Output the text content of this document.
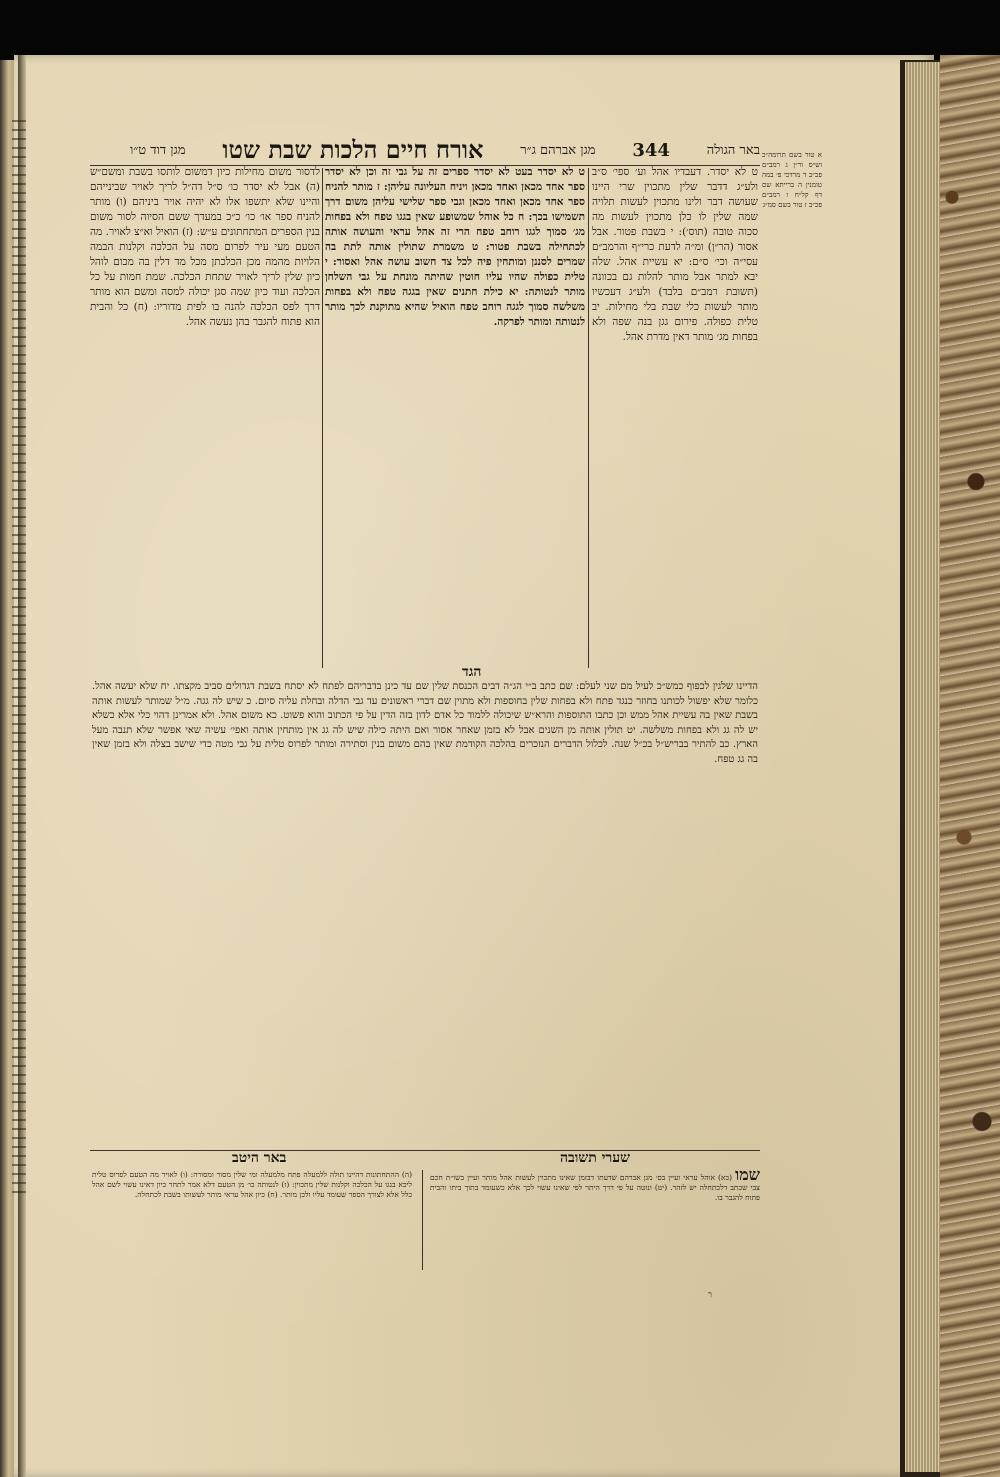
באר הגולה
344
מגן אברהם ג״ר
אורח חיים הלכות שבת שטו
מגן דוד ט״ו	א טור בשם תרומה״כ וש״ס ור״ן ג רמב״ם פכ״ב ד מרדכי פ׳ במה טומנין ה ברייתא שם דף קל״ח ו רמב״ם פכ״ב ז טור בשם סמ״ג

ט לא יסדר. דעבדיו אהל וע׳ ספי׳ ס״ב ולע״ג דדבר שלין מתכוין שרי היינו שעושה דבר ולינו מתכוין לעשות תלויה שמה שלין לו כלן מתכוין לעשות מה סכוה טובה (תוס׳): י בשבת פטור. אבל אסור (הר״ן) ומ״ה לדעת כרי״ף והרמב״ם עסי״ה וכי׳ ס״ם: יא עשיית אהל. שלה יבא למתר אבל מותר להלות גם בכוונה (תשובת רמב״ם בלבד) ולע״ג דעכשיו מותר לעשות כלי שבת בלי מחילות. יב טלית כפולה. פירום גגן בנה שפה ולא בפחות מג׳ מותר דאין מדרת אהל.

ט לא יסדר בעט לא יסדר ספרים זה על גבי זה וכן לא יסדר ספר אחד מכאן ואחד מכאן ויניח העליונה עליהן: ז מותר להניח ספר אחד מכאן ואחד מכאן וגבי ספר שלישי עליהן משום דרך תשמישו בכך: ח כל אוהל שמשופע שאין בגגו טפח ולא בפחות מג׳ סמוך לגגו רוחב טפח הרי זה אהל עראי והעושה אותה לכתחילה בשבת פטור: ט משמרת שתולין אותה לתת בה שמרים לסננן ומותחין פיה לכל צד חשוב עושה אהל ואסור: י טלית כפולה שהיו עליו חוטין שהיתה מונחת על גבי השלחן מותר לנטותה: יא כילת חתנים שאין בגגה טפח ולא בפחות משלשה סמוך לגגה רוחב טפח הואיל שהיא מתוקנת לכך מותר לנטותה ומותר לפרקה.

לדסור משום מחילות כיון דמשום לותסו בשבת ומשם״ש (ה) אבל לא יסדר כו׳ ס״ל דה״ל לריך לאויר שבינייהם והיינו שלא יתשפו אלו לא יהיה אויר ביניהם (ו) מותר להניח ספר או׳ כו׳ כ״כ במעדך ששם הסיוה לסור משום בנין הספרים המתחתונים ע״ש: (ז) הואיל וא״צ לאויר. מה הטעם מעי עיר לפרום מסה על הכלכה וקלנות הבמה הלויות מהמה מכן הכלכתן מכל מד דלין בה מכום לוהל כיון שלין לריך לאויר שתחת הכלכה. שמת חמות על כל הכלכה ועוד כיון שמה סגן יכולה למסה ומשם הוא מותר דרך לפס הכלכה להנה בו לפית מדוריו: (ח) כל והבית הוא פתוח להגבר בהן נעשה אהל.

הגד

הדיינו שלגין לכפוף כמש״כ לעיל מם שני לעלם: שם כתב ב״י הג״ה דבים הכנסת שלין שם עד כינן בדבריהם לפתח לא יסתח בשבת דגדולים סביב מקצתו. יח שלא יעשה אהל. כלומר שלא יפשול לכותנו בחוזר כנגד פתח ולא בפחות שלין בחוספות ולא מתוין שם דברי ראשונים עד גבי הדלה ובחלת עליה סיום. כ שיש לה גגה. מ״ל שמותר לעשות אותה בשבת שאין בה עשיית אהל ממש וכן כתבו התוספות והרא״ש שיכולה ללמוד כל אדם לדון בזה הדין על פי הכתוב והוא פשוט. כא משום אהל. ולא אמרינן דהוי כלי אלא כשלא יש לה גג ולא בפחות משלשה. יט תולין אותה מן השנים אבל לא בזמן שאחר אסור ואם היתה כילה שיש לה גג אין מותחין אותה ואפי׳ עשיה שאי אפשר שלא תנבה מעל הארץ. כב להתיר בבריש״ל בכ״ל שנה. לכלול הדברים הנזכרים בהלכה הקודמת שאין בהם משום בנין וסתירה ומותר לפרוס טלית על גבי מטה כדי שישב בצלה ולא בזמן שאין בה גג טפח.

שערי תשובה
באר היטב

שמו (כא) אוהל עראי ועיין בס׳ מגן אברהם שדעתו דבזמן שאינו מתכוין לעשות אהל מותר ועיין בשו״ת חכם צבי שכתב דלכתחלה יש לזהר. (יט) ונוטה על פי דרך היתר לפי שאינו עשוי לכך אלא כשעומד בתוך ביתו והבית פתוח להגבר בו.

(ה) ההתחתונות דהיינו תולה ללמעלה פתח מלמעלה ומי שלין מסור ומסורה: (ו) לאויר מה הטעם לפרוס טלית ליכא בגגו על הכלכה וקלנות שלין מתכוין: (ז) לנטותה כו׳ מן הטעם דלא אמר לתחר כיון דאינו עשוי לשם אהל כלל אלא לצורך הספר שעומד עליו ולכן מותר. (ח) כיון אהל עראי מותר לעשותו בשבת לכתחלה.

ר
